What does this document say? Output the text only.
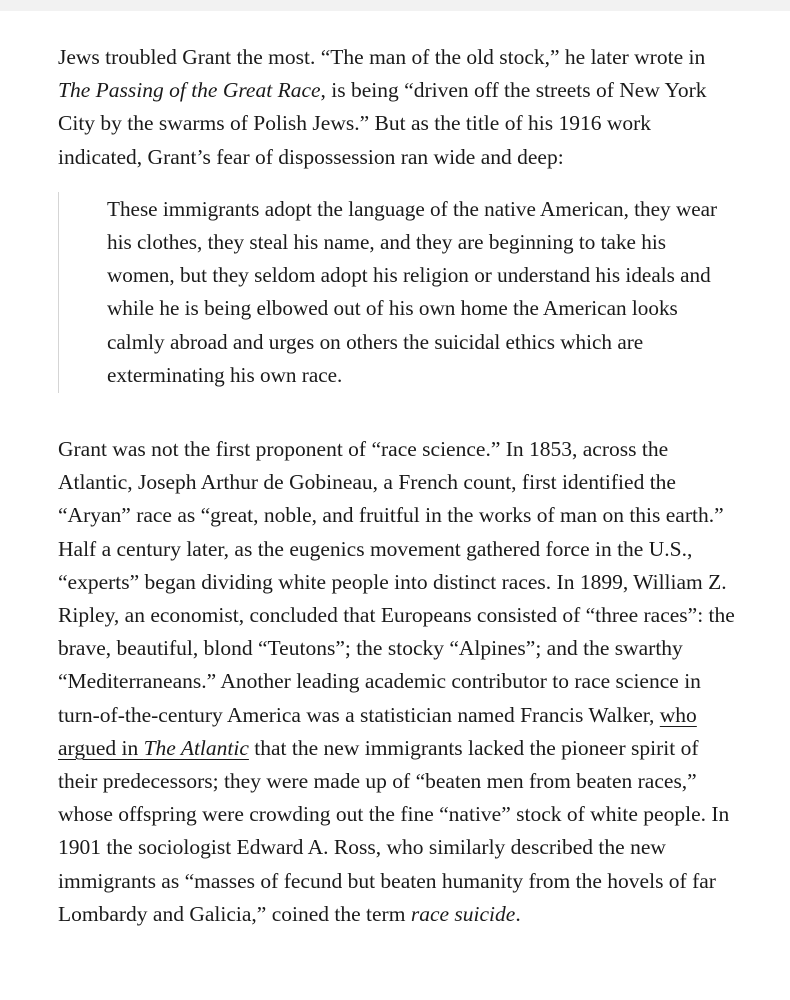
Jews troubled Grant the most. “The man of the old stock,” he later wrote in The Passing of the Great Race, is being “driven off the streets of New York City by the swarms of Polish Jews.” But as the title of his 1916 work indicated, Grant’s fear of dispossession ran wide and deep:

These immigrants adopt the language of the native American, they wear his clothes, they steal his name, and they are beginning to take his women, but they seldom adopt his religion or understand his ideals and while he is being elbowed out of his own home the American looks calmly abroad and urges on others the suicidal ethics which are exterminating his own race.

Grant was not the first proponent of “race science.” In 1853, across the Atlantic, Joseph Arthur de Gobineau, a French count, first identified the “Aryan” race as “great, noble, and fruitful in the works of man on this earth.” Half a century later, as the eugenics movement gathered force in the U.S., “experts” began dividing white people into distinct races. In 1899, William Z. Ripley, an economist, concluded that Europeans consisted of “three races”: the brave, beautiful, blond “Teutons”; the stocky “Alpines”; and the swarthy “Mediterraneans.” Another leading academic contributor to race science in turn-of-the-century America was a statistician named Francis Walker, who argued in The Atlantic that the new immigrants lacked the pioneer spirit of their predecessors; they were made up of “beaten men from beaten races,” whose offspring were crowding out the fine “native” stock of white people. In 1901 the sociologist Edward A. Ross, who similarly described the new immigrants as “masses of fecund but beaten humanity from the hovels of far Lombardy and Galicia,” coined the term race suicide.
